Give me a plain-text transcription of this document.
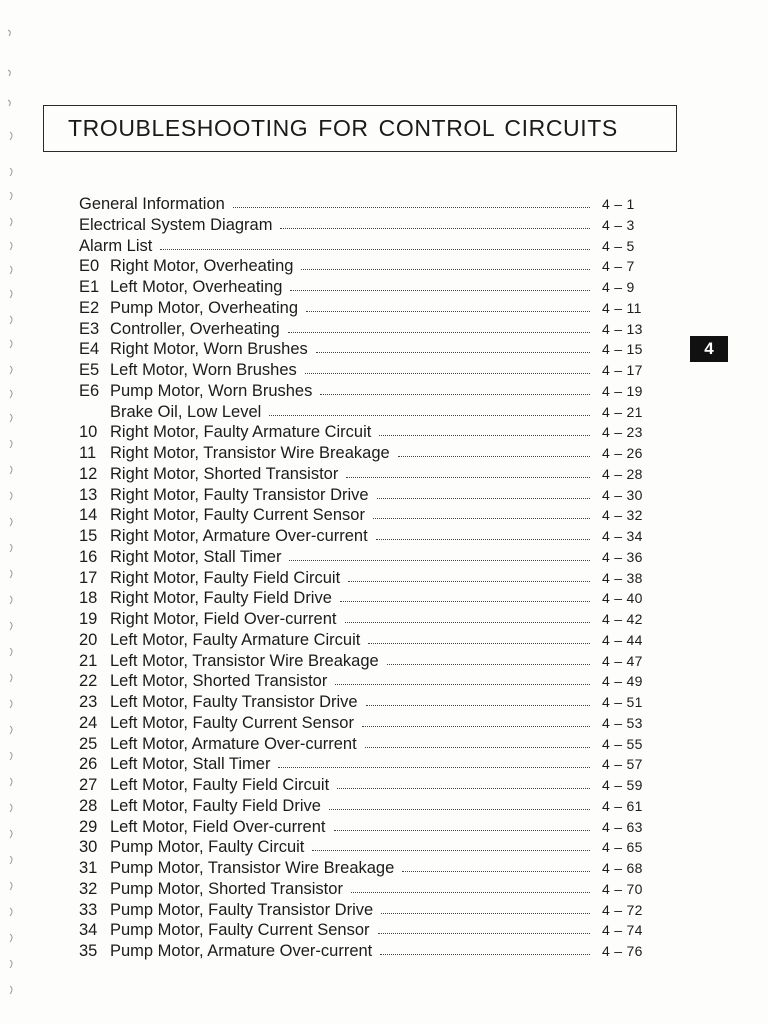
TROUBLESHOOTING FOR CONTROL CIRCUITS
4
General Information	4 – 1
Electrical System Diagram	4 – 3
Alarm List	4 – 5
E0 Right Motor, Overheating	4 – 7
E1 Left Motor, Overheating	4 – 9
E2 Pump Motor, Overheating	4 – 11
E3 Controller, Overheating	4 – 13
E4 Right Motor, Worn Brushes	4 – 15
E5 Left Motor, Worn Brushes	4 – 17
E6 Pump Motor, Worn Brushes	4 – 19
Brake Oil, Low Level	4 – 21
10 Right Motor, Faulty Armature Circuit	4 – 23
11 Right Motor, Transistor Wire Breakage	4 – 26
12 Right Motor, Shorted Transistor	4 – 28
13 Right Motor, Faulty Transistor Drive	4 – 30
14 Right Motor, Faulty Current Sensor	4 – 32
15 Right Motor, Armature Over-current	4 – 34
16 Right Motor, Stall Timer	4 – 36
17 Right Motor, Faulty Field Circuit	4 – 38
18 Right Motor, Faulty Field Drive	4 – 40
19 Right Motor, Field Over-current	4 – 42
20 Left Motor, Faulty Armature Circuit	4 – 44
21 Left Motor, Transistor Wire Breakage	4 – 47
22 Left Motor, Shorted Transistor	4 – 49
23 Left Motor, Faulty Transistor Drive	4 – 51
24 Left Motor, Faulty Current Sensor	4 – 53
25 Left Motor, Armature Over-current	4 – 55
26 Left Motor, Stall Timer	4 – 57
27 Left Motor, Faulty Field Circuit	4 – 59
28 Left Motor, Faulty Field Drive	4 – 61
29 Left Motor, Field Over-current	4 – 63
30 Pump Motor, Faulty Circuit	4 – 65
31 Pump Motor, Transistor Wire Breakage	4 – 68
32 Pump Motor, Shorted Transistor	4 – 70
33 Pump Motor, Faulty Transistor Drive	4 – 72
34 Pump Motor, Faulty Current Sensor	4 – 74
35 Pump Motor, Armature Over-current	4 – 76
